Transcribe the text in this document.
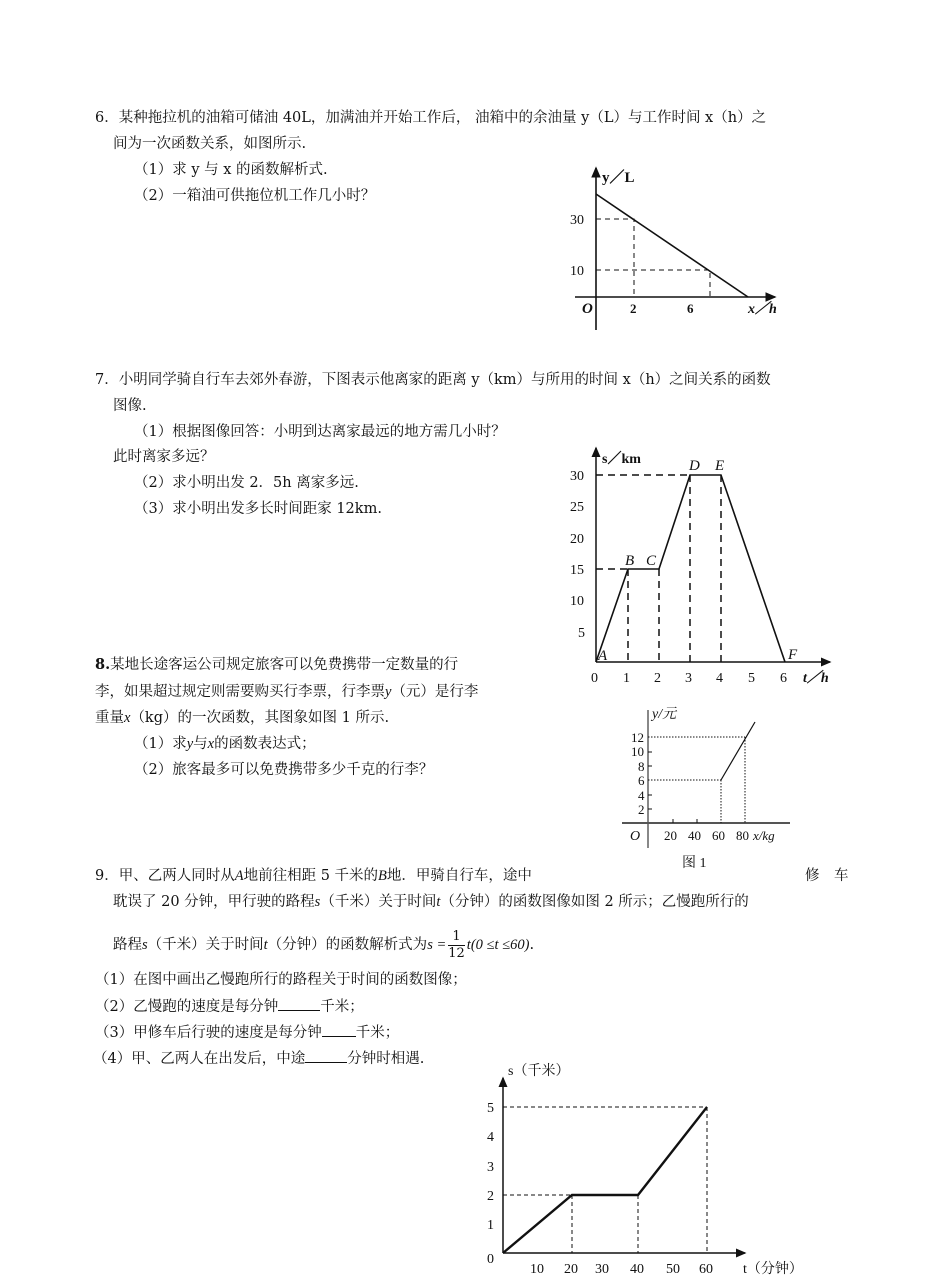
6．某种拖拉机的油箱可储油 40L，加满油并开始工作后， 油箱中的余油量 y（L）与工作时间 x（h）之
间为一次函数关系，如图所示.
（1）求 y 与 x 的函数解析式.
（2）一箱油可供拖位机工作几小时？
7．小明同学骑自行车去郊外春游，下图表示他离家的距离 y（km）与所用的时间 x（h）之间关系的函数
图像.
（1）根据图像回答：小明到达离家最远的地方需几小时？
此时离家多远？
（2）求小明出发 2．5h 离家多远.
（3）求小明出发多长时间距家 12km.
8.某地长途客运公司规定旅客可以免费携带一定数量的行
李，如果超过规定则需要购买行李票，行李票y（元）是行李
重量x（kg）的一次函数，其图象如图 1 所示.
（1）求y与x的函数表达式；
（2）旅客最多可以免费携带多少千克的行李？
9．甲、乙两人同时从A地前往相距 5 千米的B地．甲骑自行车，途中	修　车
耽误了 20 分钟，甲行驶的路程s（千米）关于时间t（分钟）的函数图像如图 2 所示；乙慢跑所行的
路程s（千米）关于时间t（分钟）的函数解析式为$s = \frac{1}{12} t(0 \le t \le 60)$.
（1）在图中画出乙慢跑所行的路程关于时间的函数图像；
（2）乙慢跑的速度是每分钟	千米；
（3）甲修车后行驶的速度是每分钟 千米；
（4）甲、乙两人在出发后，中途	分钟时相遇.
y／L
30
10
O	2	6	x／h
s／km
30
25
20
15
10
5
0 1 2 3 4 5 6 t／h
A
B C
D E
F
y/元
12
10
8
6
4
2
O 20 40 60 80 x/kg
图 1
s（千米）
5
4
3
2
1
0
10 20 30 40 50 60 t（分钟）
